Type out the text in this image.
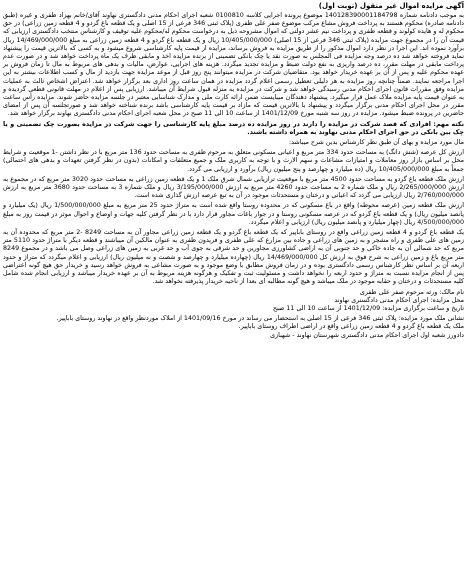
آگهی مزایده اموال غیر منقول (نوبت اول)

به موجب دادنامه شماره 140128390001184798 موضوع پرونده اجرایی کلاسه 0100810 شعبه اجرای احکام مدنی دادگستری نهاوند آقای/خانم بهزاد ظفری و غیره (طبق دادنامه صادره) محکوم هستند به پرداخت فروش مشاع مرکب موضوع صفر علی ظفری (پلاک ثبتی 346 فرعی از 15 اصلی و یک قطعه باغ گردو و 4 قطعه زمین زراعی) در حق محکوم له و هایده کولوند و قطعه ظفری و پرداخت نیم عشر دولتی که اموال مشروحه ذیل به درخواست محکوم له/محکوم علیه توقیف و کارشناس منتخب دادگستری ارزیابی که قیمت آن را در مجموع جهت مزایده (پلاک ثبتی 346 فرعی از 15 اصلی) 10/405/000/000 ریال و یک قطعه باغ گردو و 4 قطعه زمین زراعی به مبلغ 14/469/000/000 ریال برآورد نموده اند. این اجرا در نظر دارد اموال مذکور را از طریق مزایده به فروش برساند، مزایده از قیمت پایه کارشناسی شروع میشود و به کسی که بالاترین قیمت را پیشنهاد نماید فروخته خواهد شد ده درصد وجه مزایده فی المجلس به صورت نقد یا چک بانکی تضمینی از برنده مزایده اخذ و مابقی ظرف یک ماه پرداخت خواهد شد و در صورت عدم پرداخت مابقی در مهلت مقرر، ده درصد واریزی به نفع دولت ضبط و مزایده تجدید میگردد. هزینه های اجرایی، عوارض، مالیات و بدهی های مربوط به مال تا زمان فروش بر عهده محکوم علیه و پس از آن بر عهده خریدار خواهد بود. متقاضیان شرکت در مزایده میتوانند پنج روز قبل از موعد مزایده جهت بازدید از مال و کسب اطلاعات بیشتر به این اجرا مراجعه نمایند. ضمناً چنانچه روز مزایده به هر دلیلی تعطیل رسمی اعلام گردد مزایده در همان ساعت روز اداری بعد برگزار خواهد شد. اعتراض اشخاص ثالث به عملیات مزایده وفق مقررات قانون اجرای احکام مدنی رسیدگی خواهد شد و شرکت در مزایده به منزله قبول شرایط آن میباشد. ارزیابی پس از اعلام در مهلت قانونی قطعی گردیده و به عنوان قیمت پایه مزایده ملاک عمل قرار میگیرد. پیشنهاد دهندگان میبایست ضمن ارائه کارت ملی و مدارک شناسایی معتبر در جلسه مزایده حاضر شوند. مزایده رأس ساعت مقرر در محل اجرای احکام مدنی برگزار میگردد و پیشنهاد با بالاترین قیمت که مازاد بر قیمت پایه کارشناسی باشد برنده شناخته خواهد شد و صورتجلسه آن پس از امضای حاضرین در پرونده ضبط میشود. مزایده در روز سه شنبه مورخ 1401/12/09 از ساعت 10 الی 11 صبح در محل شعبه اجرای احکام مدنی دادگستری نهاوند برگزار خواهد شد.

نکته مهم: افرادی که قصد شرکت در مزایده را دارند در روز مزایده ده درصد مبلغ پایه کارشناسی را جهت شرکت در مزایده بصورت چک تضمینی و یا چک بین بانکی در حق اجرای احکام مدنی نهاوند به همراه داشته باشند.

مال مورد مزایده و بهای آن طبق نظر کارشناس بدین شرح میباشد:

ارزش کل عرصه (شش دانگ) به مساحت حدود 334 متر مربع و اعیانی مسکونی متعلق به مرحوم ظفری به مساحت حدود 136 متر مربع با در نظر داشتن -1 موقعیت و شرایط محل بر اساس بازار روز معاملات و امتیازات مشاعات و سهم الارث و با توجه به کاربری ملک و جمیع متعلقات و امکانات (بدون در نظر گرفتن تعهدات و بدهی های احتمالی) جمعاً به مبلغ 10/405/000/000 ریال (ده میلیارد و چهارصد و پنج میلیون ریال) برآورد و ارزیابی می گردد.

ارزش ملک قطعه باغ گردو به مساحت حدود 4500 متر مربع با موقعیت ترازیابی شمال شرق ملک 1 و یک قطعه زمین زراعی به مساحت حدود 3020 متر مربع که در مجموع به ارزش 2/265/000/000 ریال و ملک شماره 2 به مساحت حدود 4260 متر مربع به ارزش 3/195/000/000 ریال و ملک شماره 3 به مساحت حدود 3680 متر مربع به ارزش 2/760/000/000 ریال ارزیابی می گردد که اعیانی و درختان و مستحدثات موجود در آن به تبع عرصه ارزش گذاری شده است.

ارزش ملک قطعه زمین (عرصه محوطه) واقع در باغ مسکونی که در محدوده روستا واقع شده است به متراژ حدود 25 متر مربع به مبلغ 1/500/000/000 ریال (یک میلیارد و پانصد میلیون ریال) و یک قطعه باغ گردو که در عرصه مسکونی روستا و در جوار باغات مجاور قرار دارد با در نظر گرفتن کلیه جهات و اوضاع و احوال موثر در قیمت روز به مبلغ 4/500/000/000 ریال (چهار میلیارد و پانصد میلیون ریال) ارزیابی و اعلام میگردد.

یک قطعه باغ گردو و 4 قطعه زمین زراعی واقع در روستای باباپیر که یک قطعه باغ گردو و یک قطعه زمین زراعی مجاور آن به مساحت 8249 -2 متر مربع که محدوده آن به زمین های علی ظفری و راه مشجر و به زمین های زراعی و جاده بین مزارع که علی ظفری و فریدون ظفری به عنوان مالکین آن میباشند و قطعه دیگر با متراژ حدود 5110 متر مربع که حد شمالی آن به جاده خاکی و حد جنوبی آن به اراضی کشاورزی مجاورین و حد شرقی به جوی آب و حد غربی به زمین های زراعی وصل می باشد و در مجموع 8249 متر مربع باغ و زمین زراعی به شرح فوق به ارزش کل 14/469/000/000 ریال (چهارده میلیارد و چهارصد و شصت و نه میلیون ریال) ارزیابی و اعلام میگردد که متراژ و حدود اربعه آن بر اساس نظر کارشناس رسمی دادگستری بوده و در زمان فروش مطابق با وضع موجود و به صورت مشاعی به فروش خواهد رسید و خریدار حق هیچ گونه اعتراضی پس از انجام مزایده نسبت به متراژ و حدود اربعه را نخواهد داشت و مسئولیت ثبت و تفکیک و هرگونه هزینه مربوط به آن بر عهده خریدار میباشد و ارزیابی انجام شده شامل کلیه مستحدثات و درختان و حقابه موجود در ملک میباشد و هیچ گونه مطالبه ای بعدا از ناحیه خریدار پذیرفته نخواهد شد.

نام مالک: ورثه مرحوم صفر علی ظفری

محل مزایده: اجرای احکام مدنی دادگستری نهاوند

تاریخ و ساعت برگزاری مزایده: 1401/12/09 از ساعت 10 الی 11 صبح

نشانی ملک مورد مزایده: پلاک ثبتی 346 فرعی از 15 اصلی به استحضار می رساند در مورخ 1401/09/16 از املاک موردنظر واقع در نهاوند روستای باباپیر.

ملک یک قطعه باغ گردو و 4 قطعه زمین زراعی واقع در اراضی اطراف روستای باباپیر.

دادورز شعبه اول اجرای احکام مدنی دادگستری شهرستان نهاوند - شهبازی
